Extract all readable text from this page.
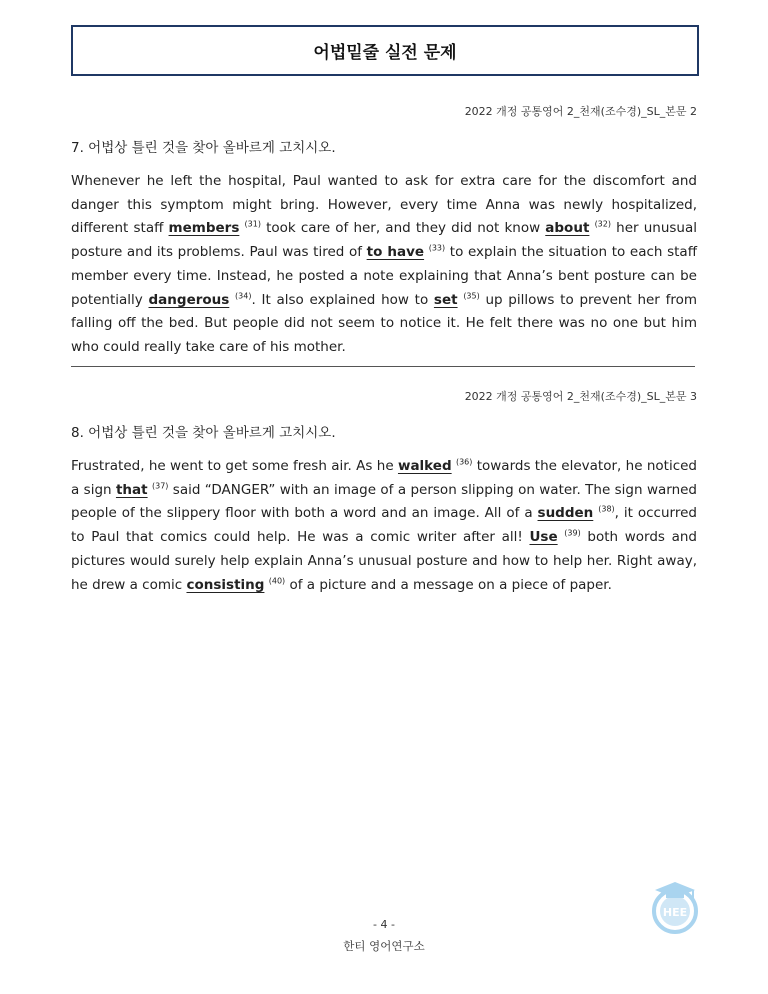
어법밑줄 실전 문제
2022 개정 공통영어 2_천재(조수경)_SL_본문 2
7. 어법상 틀린 것을 찾아 올바르게 고치시오.
Whenever he left the hospital, Paul wanted to ask for extra care for the discomfort and danger this symptom might bring. However, every time Anna was newly hospitalized, different staff members $^{(31)}$ took care of her, and they did not know about $^{(32)}$ her unusual posture and its problems. Paul was tired of to have $^{(33)}$ to explain the situation to each staff member every time. Instead, he posted a note explaining that Anna’s bent posture can be potentially dangerous $^{(34)}$. It also explained how to set $^{(35)}$ up pillows to prevent her from falling off the bed. But people did not seem to notice it. He felt there was no one but him who could really take care of his mother.
2022 개정 공통영어 2_천재(조수경)_SL_본문 3
8. 어법상 틀린 것을 찾아 올바르게 고치시오.
Frustrated, he went to get some fresh air. As he walked $^{(36)}$ towards the elevator, he noticed a sign that $^{(37)}$ said “DANGER” with an image of a person slipping on water. The sign warned people of the slippery floor with both a word and an image. All of a sudden $^{(38)}$, it occurred to Paul that comics could help. He was a comic writer after all! Use $^{(39)}$ both words and pictures would surely help explain Anna’s unusual posture and how to help her. Right away, he drew a comic consisting $^{(40)}$ of a picture and a message on a piece of paper.
- 4 -
한티 영어연구소
HEE
